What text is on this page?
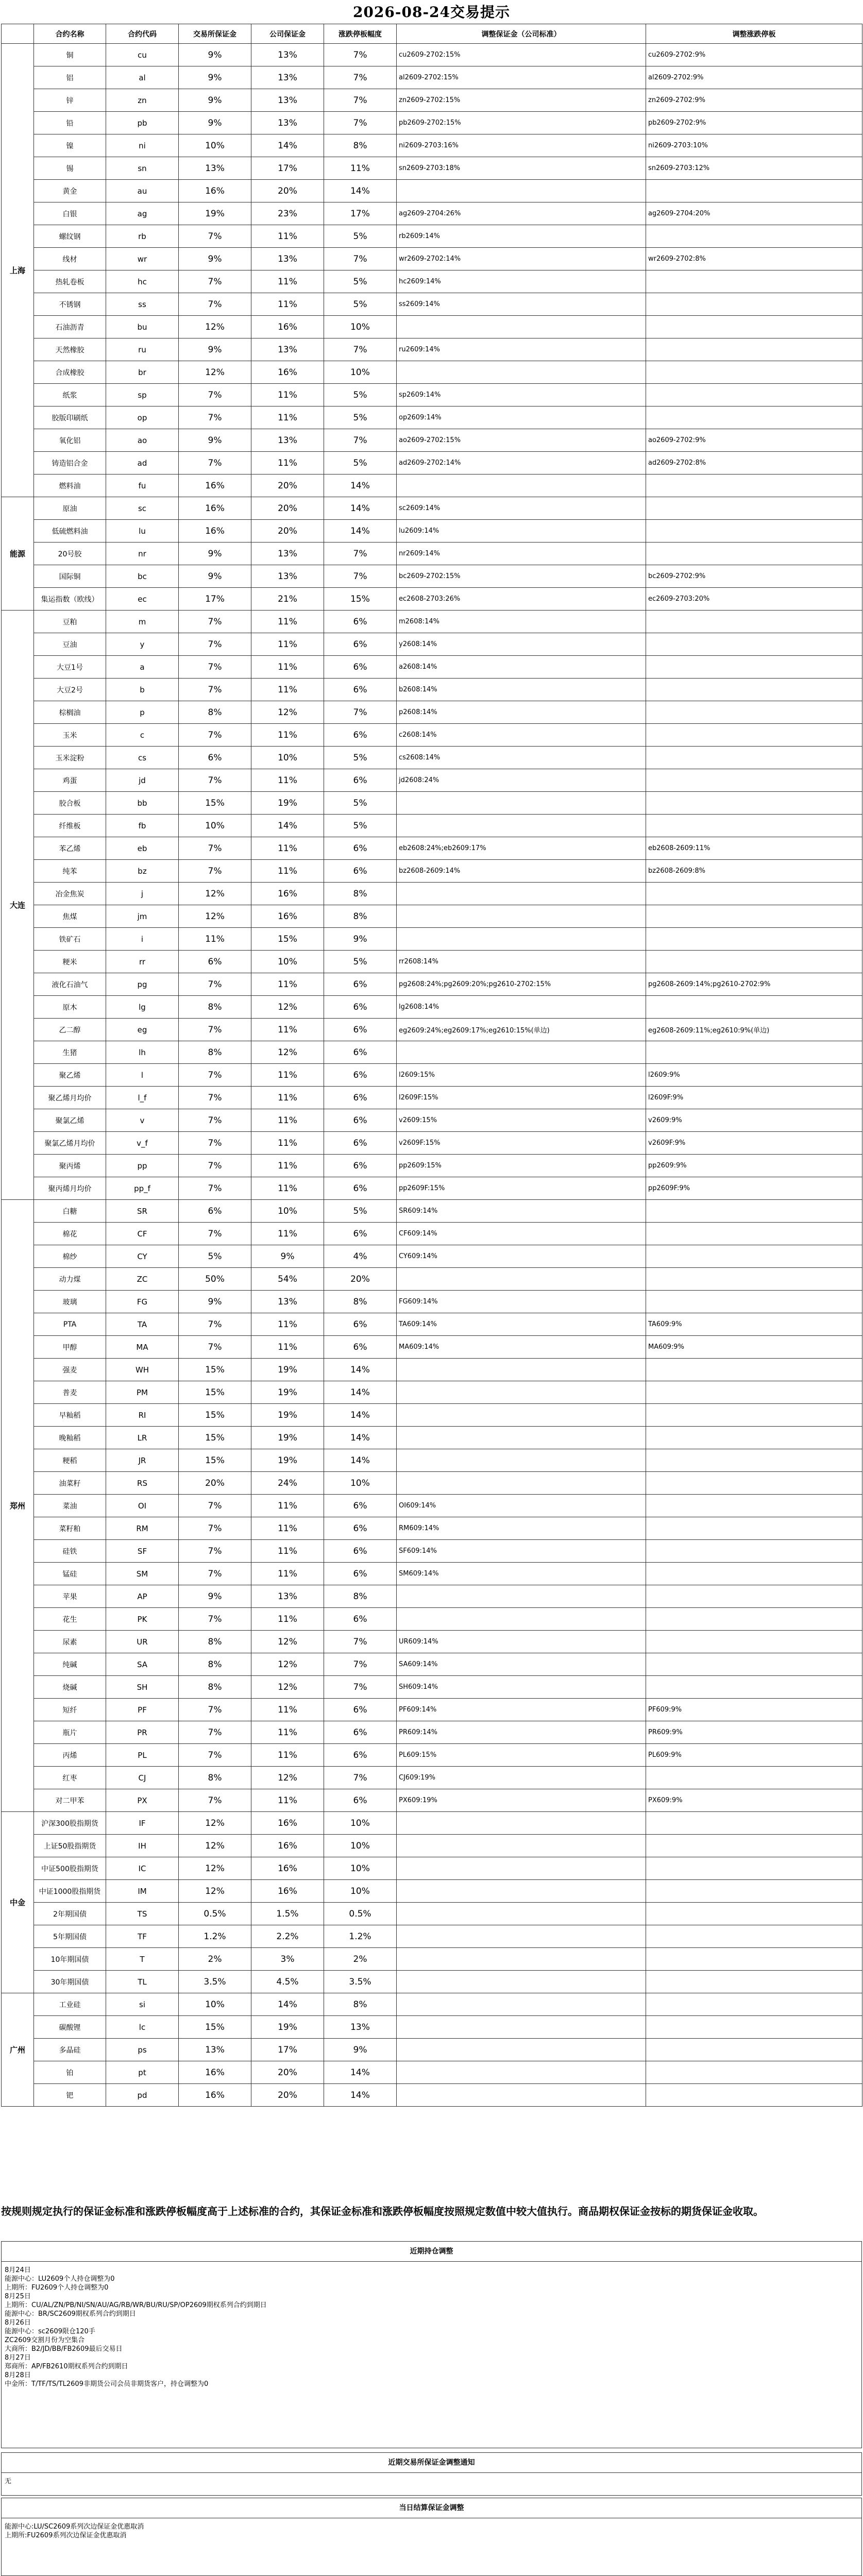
2026-08-24交易提示
	合约名称	合约代码	交易所保证金	公司保证金	涨跌停板幅度	调整保证金（公司标准）	调整涨跌停板
上海	铜	cu	9%	13%	7%	cu2609-2702:15%	cu2609-2702:9%
	铝	al	9%	13%	7%	al2609-2702:15%	al2609-2702:9%
	锌	zn	9%	13%	7%	zn2609-2702:15%	zn2609-2702:9%
	铅	pb	9%	13%	7%	pb2609-2702:15%	pb2609-2702:9%
	镍	ni	10%	14%	8%	ni2609-2703:16%	ni2609-2703:10%
	锡	sn	13%	17%	11%	sn2609-2703:18%	sn2609-2703:12%
	黄金	au	16%	20%	14%		
	白银	ag	19%	23%	17%	ag2609-2704:26%	ag2609-2704:20%
	螺纹钢	rb	7%	11%	5%	rb2609:14%	
	线材	wr	9%	13%	7%	wr2609-2702:14%	wr2609-2702:8%
	热轧卷板	hc	7%	11%	5%	hc2609:14%	
	不锈钢	ss	7%	11%	5%	ss2609:14%	
	石油沥青	bu	12%	16%	10%		
	天然橡胶	ru	9%	13%	7%	ru2609:14%	
	合成橡胶	br	12%	16%	10%		
	纸浆	sp	7%	11%	5%	sp2609:14%	
	胶版印刷纸	op	7%	11%	5%	op2609:14%	
	氧化铝	ao	9%	13%	7%	ao2609-2702:15%	ao2609-2702:9%
	铸造铝合金	ad	7%	11%	5%	ad2609-2702:14%	ad2609-2702:8%
	燃料油	fu	16%	20%	14%		
能源	原油	sc	16%	20%	14%	sc2609:14%	
	低硫燃料油	lu	16%	20%	14%	lu2609:14%	
	20号胶	nr	9%	13%	7%	nr2609:14%	
	国际铜	bc	9%	13%	7%	bc2609-2702:15%	bc2609-2702:9%
	集运指数（欧线）	ec	17%	21%	15%	ec2608-2703:26%	ec2609-2703:20%
大连	豆粕	m	7%	11%	6%	m2608:14%	
	豆油	y	7%	11%	6%	y2608:14%	
	大豆1号	a	7%	11%	6%	a2608:14%	
	大豆2号	b	7%	11%	6%	b2608:14%	
	棕榈油	p	8%	12%	7%	p2608:14%	
	玉米	c	7%	11%	6%	c2608:14%	
	玉米淀粉	cs	6%	10%	5%	cs2608:14%	
	鸡蛋	jd	7%	11%	6%	jd2608:24%	
	胶合板	bb	15%	19%	5%		
	纤维板	fb	10%	14%	5%		
	苯乙烯	eb	7%	11%	6%	eb2608:24%;eb2609:17%	eb2608-2609:11%
	纯苯	bz	7%	11%	6%	bz2608-2609:14%	bz2608-2609:8%
	冶金焦炭	j	12%	16%	8%		
	焦煤	jm	12%	16%	8%		
	铁矿石	i	11%	15%	9%		
	粳米	rr	6%	10%	5%	rr2608:14%	
	液化石油气	pg	7%	11%	6%	pg2608:24%;pg2609:20%;pg2610-2702:15%	pg2608-2609:14%;pg2610-2702:9%
	原木	lg	8%	12%	6%	lg2608:14%	
	乙二醇	eg	7%	11%	6%	eg2609:24%;eg2609:17%;eg2610:15%(单边)	eg2608-2609:11%;eg2610:9%(单边)
	生猪	lh	8%	12%	6%		
	聚乙烯	l	7%	11%	6%	l2609:15%	l2609:9%
	聚乙烯月均价	l_f	7%	11%	6%	l2609F:15%	l2609F:9%
	聚氯乙烯	v	7%	11%	6%	v2609:15%	v2609:9%
	聚氯乙烯月均价	v_f	7%	11%	6%	v2609F:15%	v2609F:9%
	聚丙烯	pp	7%	11%	6%	pp2609:15%	pp2609:9%
	聚丙烯月均价	pp_f	7%	11%	6%	pp2609F:15%	pp2609F:9%
郑州	白糖	SR	6%	10%	5%	SR609:14%	
	棉花	CF	7%	11%	6%	CF609:14%	
	棉纱	CY	5%	9%	4%	CY609:14%	
	动力煤	ZC	50%	54%	20%		
	玻璃	FG	9%	13%	8%	FG609:14%	
	PTA	TA	7%	11%	6%	TA609:14%	TA609:9%
	甲醇	MA	7%	11%	6%	MA609:14%	MA609:9%
	强麦	WH	15%	19%	14%		
	普麦	PM	15%	19%	14%		
	早籼稻	RI	15%	19%	14%		
	晚籼稻	LR	15%	19%	14%		
	粳稻	JR	15%	19%	14%		
	油菜籽	RS	20%	24%	10%		
	菜油	OI	7%	11%	6%	OI609:14%	
	菜籽粕	RM	7%	11%	6%	RM609:14%	
	硅铁	SF	7%	11%	6%	SF609:14%	
	锰硅	SM	7%	11%	6%	SM609:14%	
	苹果	AP	9%	13%	8%		
	花生	PK	7%	11%	6%		
	尿素	UR	8%	12%	7%	UR609:14%	
	纯碱	SA	8%	12%	7%	SA609:14%	
	烧碱	SH	8%	12%	7%	SH609:14%	
	短纤	PF	7%	11%	6%	PF609:14%	PF609:9%
	瓶片	PR	7%	11%	6%	PR609:14%	PR609:9%
	丙烯	PL	7%	11%	6%	PL609:15%	PL609:9%
	红枣	CJ	8%	12%	7%	CJ609:19%	
	对二甲苯	PX	7%	11%	6%	PX609:19%	PX609:9%
中金	沪深300股指期货	IF	12%	16%	10%		
	上证50股指期货	IH	12%	16%	10%		
	中证500股指期货	IC	12%	16%	10%		
	中证1000股指期货	IM	12%	16%	10%		
	2年期国债	TS	0.5%	1.5%	0.5%		
	5年期国债	TF	1.2%	2.2%	1.2%		
	10年期国债	T	2%	3%	2%		
	30年期国债	TL	3.5%	4.5%	3.5%		
广州	工业硅	si	10%	14%	8%		
	碳酸锂	lc	15%	19%	13%		
	多晶硅	ps	13%	17%	9%		
	铂	pt	16%	20%	14%		
	钯	pd	16%	20%	14%		
按规则规定执行的保证金标准和涨跌停板幅度高于上述标准的合约，其保证金标准和涨跌停板幅度按照规定数值中较大值执行。商品期权保证金按标的期货保证金收取。
近期持仓调整
8月24日
能源中心：LU2609个人持仓调整为0
上期所：FU2609个人持仓调整为0
8月25日
上期所：CU/AL/ZN/PB/NI/SN/AU/AG/RB/WR/BU/RU/SP/OP2609期权系列合约到期日
能源中心：BR/SC2609期权系列合约到期日
8月26日
能源中心：sc2609限仓120手
ZC2609交割月份为空集合
大商所：B2/JD/BB/FB2609最后交易日
8月27日
郑商所：AP/FB2610期权系列合约到期日
8月28日
中金所：T/TF/TS/TL2609非期货公司会员非期货客户，持仓调整为0
近期交易所保证金调整通知
无
当日结算保证金调整
能源中心:LU/SC2609系列次边保证金优惠取消
上期所:FU2609系列次边保证金优惠取消
